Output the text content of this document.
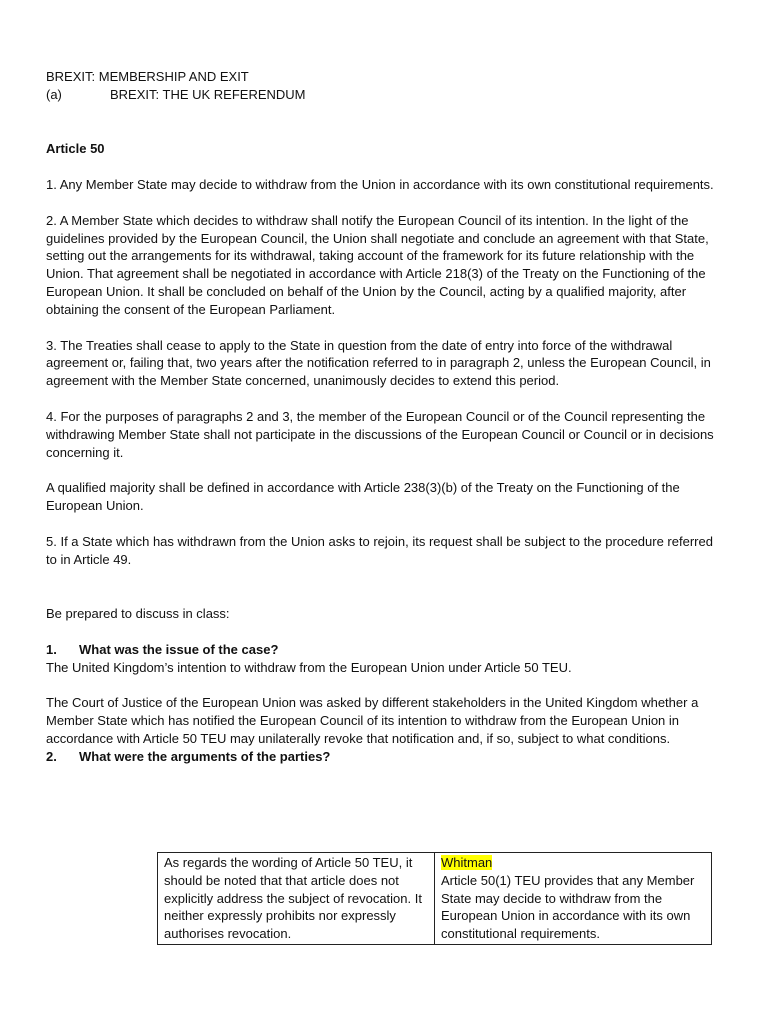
BREXIT: MEMBERSHIP AND EXIT

(a)	BREXIT: THE UK REFERENDUM

Article 50

1. Any Member State may decide to withdraw from the Union in accordance with its own constitutional requirements.

2. A Member State which decides to withdraw shall notify the European Council of its intention. In the light of the guidelines provided by the European Council, the Union shall negotiate and conclude an agreement with that State, setting out the arrangements for its withdrawal, taking account of the framework for its future relationship with the Union. That agreement shall be negotiated in accordance with Article 218(3) of the Treaty on the Functioning of the European Union. It shall be concluded on behalf of the Union by the Council, acting by a qualified majority, after obtaining the consent of the European Parliament.

3. The Treaties shall cease to apply to the State in question from the date of entry into force of the withdrawal agreement or, failing that, two years after the notification referred to in paragraph 2, unless the European Council, in agreement with the Member State concerned, unanimously decides to extend this period.

4. For the purposes of paragraphs 2 and 3, the member of the European Council or of the Council representing the withdrawing Member State shall not participate in the discussions of the European Council or Council or in decisions concerning it.

A qualified majority shall be defined in accordance with Article 238(3)(b) of the Treaty on the Functioning of the European Union.

5. If a State which has withdrawn from the Union asks to rejoin, its request shall be subject to the procedure referred to in Article 49.

Be prepared to discuss in class:

1.	What was the issue of the case?

The United Kingdom’s intention to withdraw from the European Union under Article 50 TEU.

The Court of Justice of the European Union was asked by different stakeholders in the United Kingdom whether a Member State which has notified the European Council of its intention to withdraw from the European Union in accordance with Article 50 TEU may unilaterally revoke that notification and, if so, subject to what conditions.

2.	What were the arguments of the parties?
As regards the wording of Article 50 TEU, it should be noted that that article does not explicitly address the subject of revocation. It neither expressly prohibits nor expressly authorises revocation.	Whitman
Article 50(1) TEU provides that any Member State may decide to withdraw from the European Union in accordance with its own constitutional requirements.
